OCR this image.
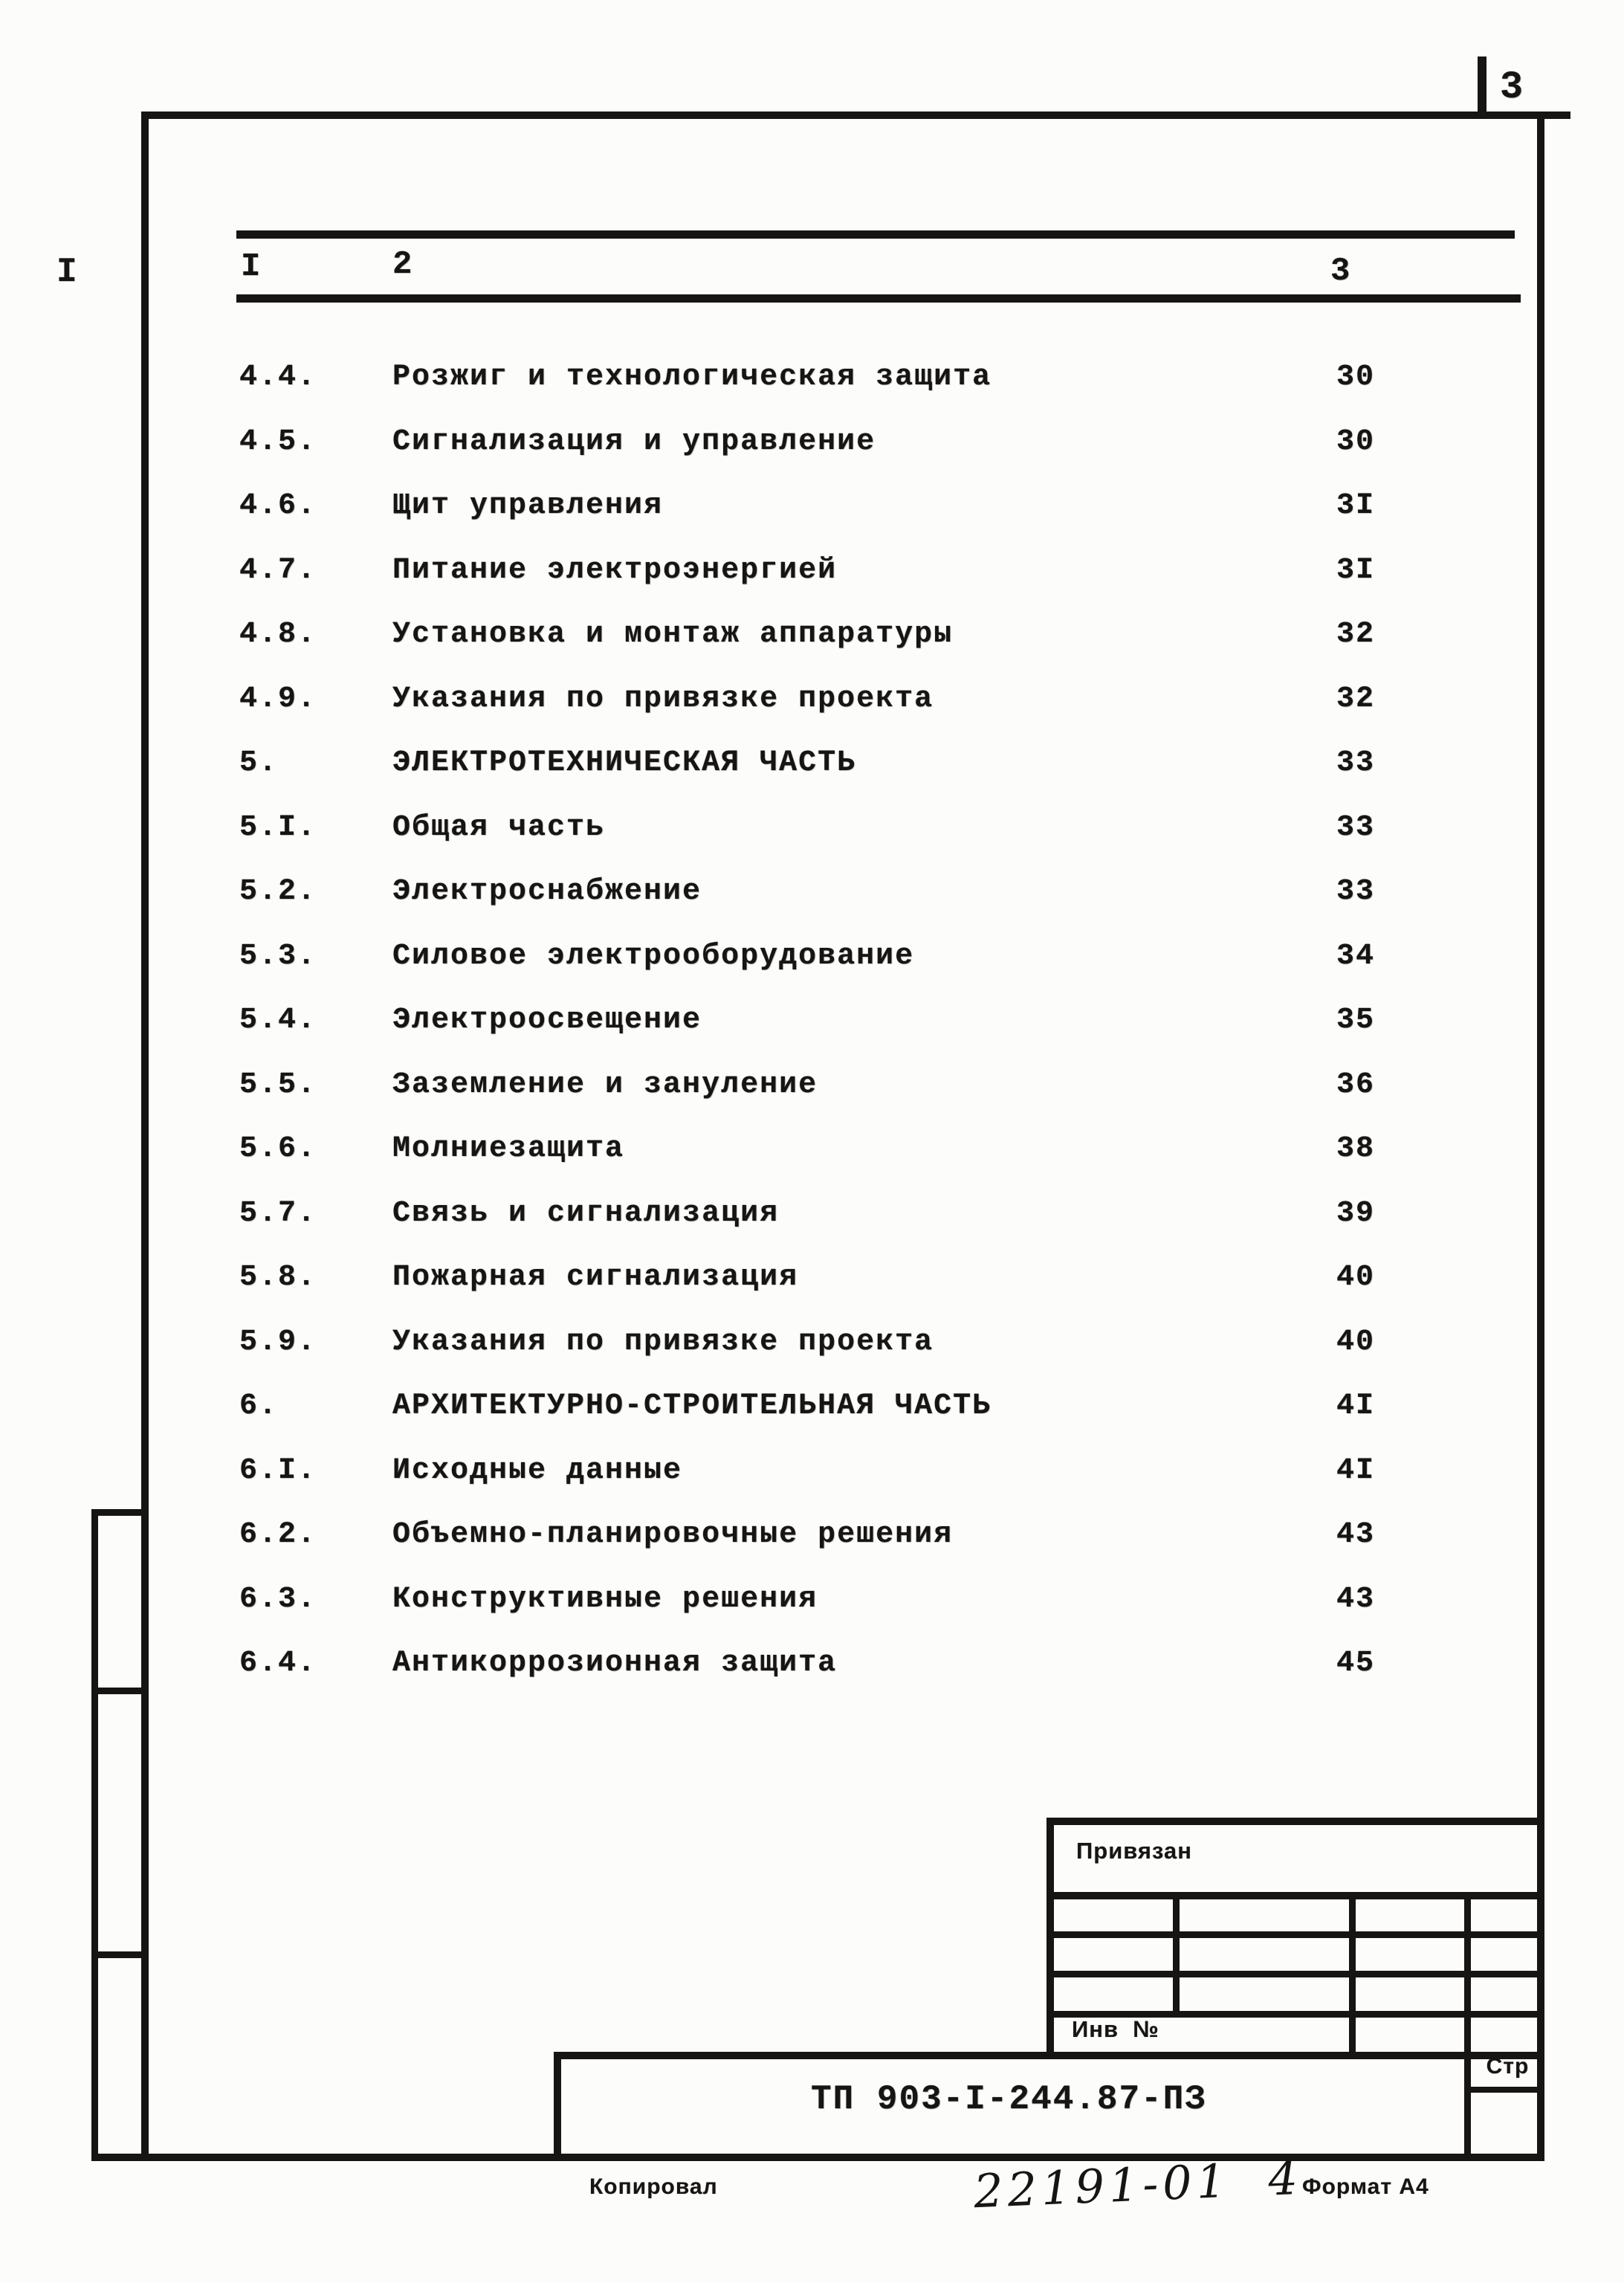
3
I	I	2	3
4.4.	Розжиг и технологическая защита	30
4.5.	Сигнализация и управление	30
4.6.	Щит управления	3I
4.7.	Питание электроэнергией	3I
4.8.	Установка и монтаж аппаратуры	32
4.9.	Указания по привязке проекта	32
5.	ЭЛЕКТРОТЕХНИЧЕСКАЯ ЧАСТЬ	33
5.I.	Общая часть	33
5.2.	Электроснабжение	33
5.3.	Силовое электрооборудование	34
5.4.	Электроосвещение	35
5.5.	Заземление и зануление	36
5.6.	Молниезащита	38
5.7.	Связь и сигнализация	39
5.8.	Пожарная сигнализация	40
5.9.	Указания по привязке проекта	40
6.	АРХИТЕКТУРНО-СТРОИТЕЛЬНАЯ ЧАСТЬ	4I
6.I.	Исходные данные	4I
6.2.	Объемно-планировочные решения	43
6.3.	Конструктивные решения	43
6.4.	Антикоррозионная защита	45
Привязан
Инв  №
Стр
ТП 903-I-244.87-ПЗ
Копировал	22191-01  4
Формат А4
